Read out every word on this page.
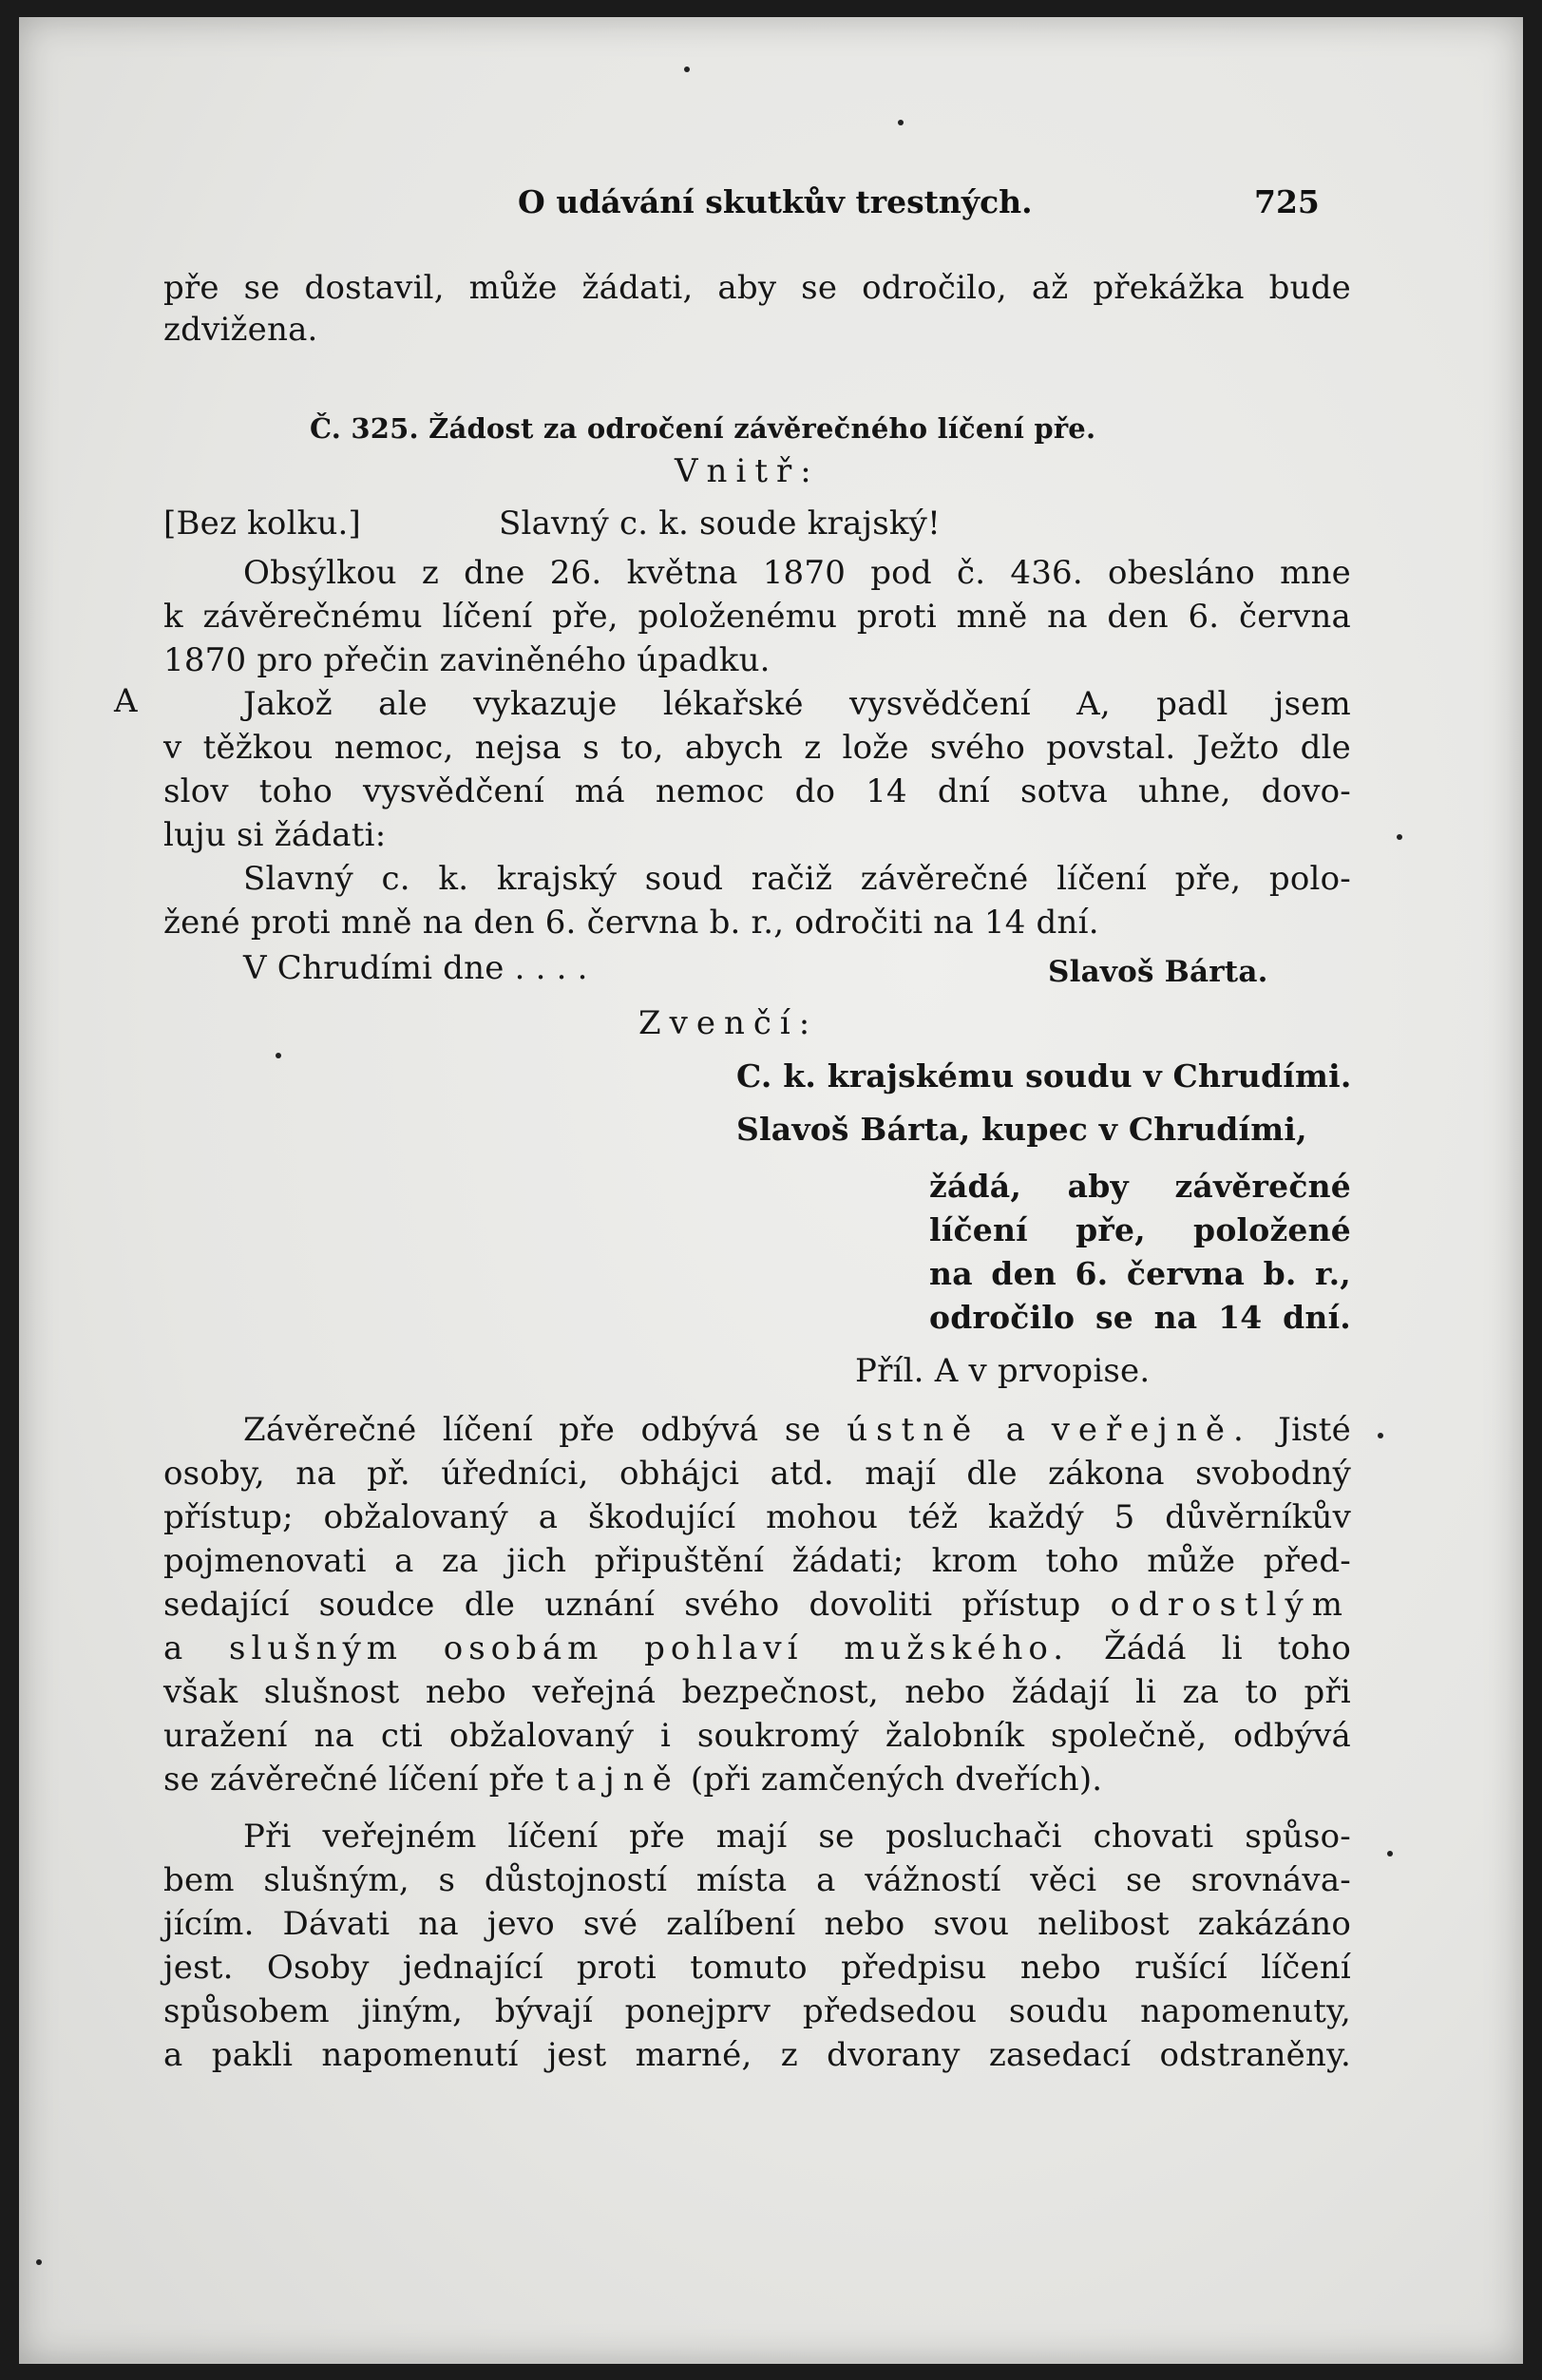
O udávání skutkův trestných.	725
pře se dostavil, může žádati, aby se odročilo, až překážka bude
zdvižena.
Č. 325. Žádost za odročení závěrečného líčení pře.
Vnitř:
[Bez kolku.]	Slavný c. k. soude krajský!
Obsýlkou z dne 26. května 1870 pod č. 436. obesláno mne
k závěrečnému líčení pře, položenému proti mně na den 6. června
1870 pro přečin zaviněného úpadku.
A	Jakož ale vykazuje lékařské vysvědčení A, padl jsem
v těžkou nemoc, nejsa s to, abych z lože svého povstal. Ježto dle
slov toho vysvědčení má nemoc do 14 dní sotva uhne, dovo-
luju si žádati:
Slavný c. k. krajský soud račiž závěrečné líčení pře, polo-
žené proti mně na den 6. června b. r., odročiti na 14 dní.
V Chrudími dne . . . .	Slavoš Bárta.
Zvenčí:
C. k. krajskému soudu v Chrudími.
Slavoš Bárta, kupec v Chrudími,
žádá, aby závěrečné
líčení pře, položené
na den 6. června b. r.,
odročilo se na 14 dní.
Příl. A v prvopise.
Závěrečné líčení pře odbývá se ústně a veřejně. Jisté
osoby, na př. úředníci, obhájci atd. mají dle zákona svobodný
přístup; obžalovaný a škodující mohou též každý 5 důvěrníkův
pojmenovati a za jich připuštění žádati; krom toho může před-
sedající soudce dle uznání svého dovoliti přístup odrostlým
a slušným osobám pohlaví mužského. Žádá li toho
však slušnost nebo veřejná bezpečnost, nebo žádají li za to při
uražení na cti obžalovaný i soukromý žalobník společně, odbývá
se závěrečné líčení pře tajně (při zamčených dveřích).
Při veřejném líčení pře mají se posluchači chovati spůso-
bem slušným, s důstojností místa a vážností věci se srovnáva-
jícím. Dávati na jevo své zalíbení nebo svou nelibost zakázáno
jest. Osoby jednající proti tomuto předpisu nebo rušící líčení
spůsobem jiným, bývají ponejprv předsedou soudu napomenuty,
a pakli napomenutí jest marné, z dvorany zasedací odstraněny.
